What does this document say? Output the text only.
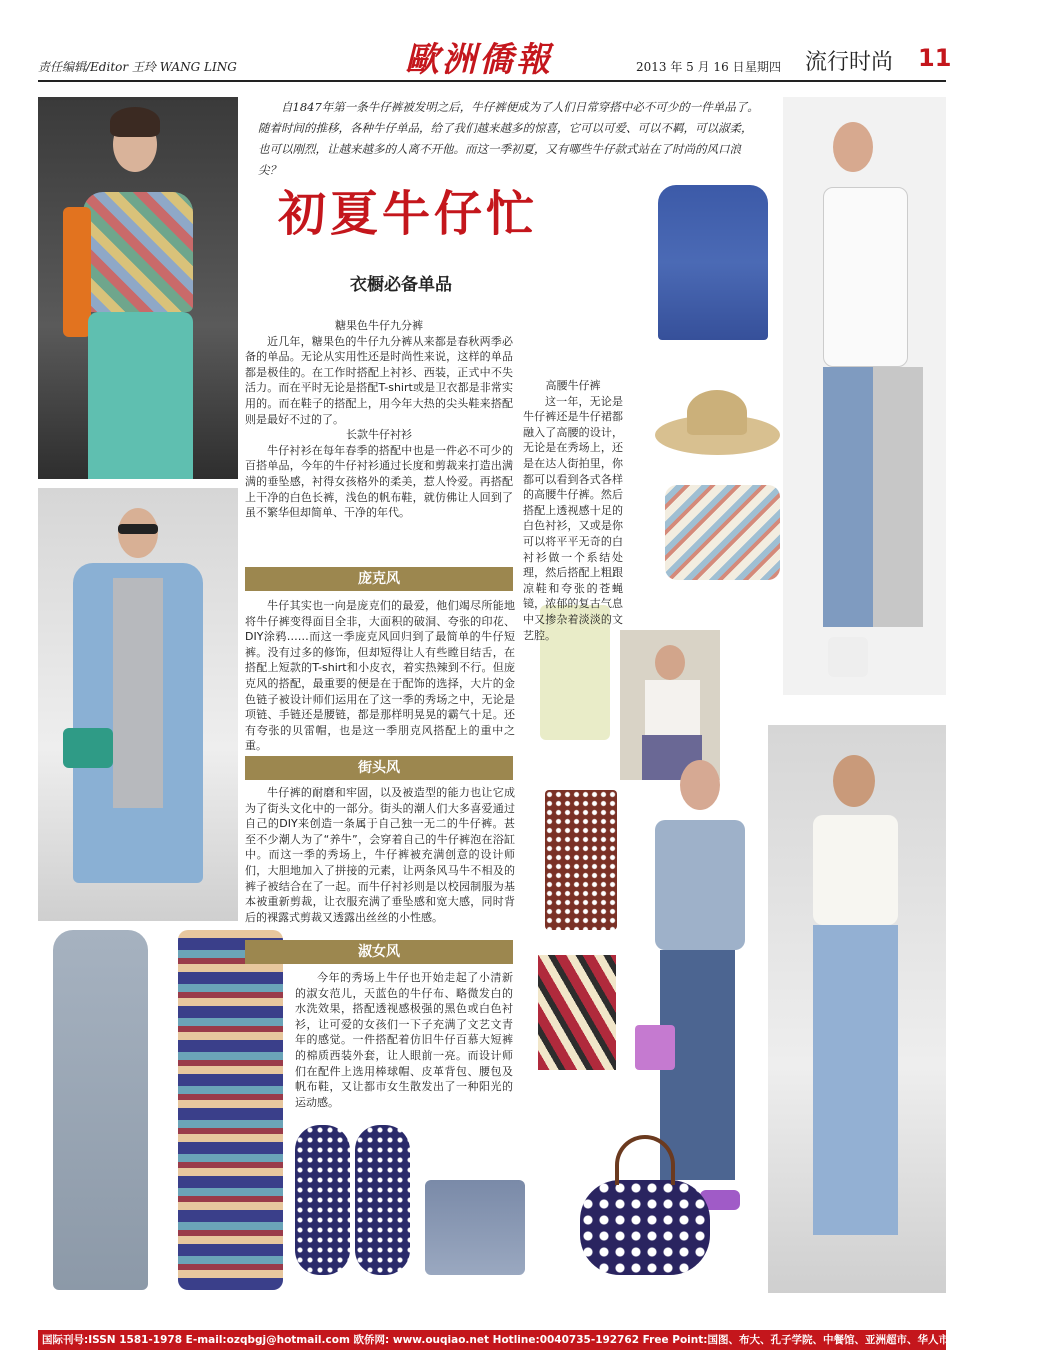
责任编辑/Editor 王玲 WANG LING	歐洲僑報	2013 年 5 月 16 日 星期四 流行时尚 11
自1847年第一条牛仔裤被发明之后，牛仔裤便成为了人们日常穿搭中必不可少的一件单品了。随着时间的推移，各种牛仔单品，给了我们越来越多的惊喜，它可以可爱、可以不羁，可以淑柔，也可以刚烈，让越来越多的人离不开他。而这一季初夏，又有哪些牛仔款式站在了时尚的风口浪尖？
初夏牛仔忙
衣橱必备单品
糖果色牛仔九分裤

近几年，糖果色的牛仔九分裤从来都是春秋两季必备的单品。无论从实用性还是时尚性来说，这样的单品都是极佳的。在工作时搭配上衬衫、西装，正式中不失活力。而在平时无论是搭配T-shirt或是卫衣都是非常实用的。而在鞋子的搭配上，用今年大热的尖头鞋来搭配则是最好不过的了。

长款牛仔衬衫

牛仔衬衫在每年春季的搭配中也是一件必不可少的百搭单品，今年的牛仔衬衫通过长度和剪裁来打造出满满的垂坠感，衬得女孩格外的柔美，惹人怜爱。再搭配上干净的白色长裤，浅色的帆布鞋，就仿佛让人回到了虽不繁华但却简单、干净的年代。

高腰牛仔裤

这一年，无论是牛仔裤还是牛仔裙都融入了高腰的设计，无论是在秀场上，还是在达人街拍里，你都可以看到各式各样的高腰牛仔裤。然后搭配上透视感十足的白色衬衫，又或是你可以将平平无奇的白衬衫做一个系结处理，然后搭配上粗跟凉鞋和夸张的苍蝇镜，浓郁的复古气息中又掺杂着淡淡的文艺腔。

庞克风

牛仔其实也一向是庞克们的最爱，他们竭尽所能地将牛仔裤变得面目全非，大面积的破洞、夸张的印花、DIY涂鸦……而这一季庞克风回归到了最简单的牛仔短裤。没有过多的修饰，但却短得让人有些瞠目结舌，在搭配上短款的T-shirt和小皮衣，着实热辣到不行。但庞克风的搭配，最重要的便是在于配饰的选择，大片的金色链子被设计师们运用在了这一季的秀场之中，无论是项链、手链还是腰链，都是那样明晃晃的霸气十足。还有夸张的贝雷帽，也是这一季朋克风搭配上的重中之重。

街头风

牛仔裤的耐磨和牢固，以及被造型的能力也让它成为了街头文化中的一部分。街头的潮人们大多喜爱通过自己的DIY来创造一条属于自己独一无二的牛仔裤。甚至不少潮人为了“养牛”，会穿着自己的牛仔裤泡在浴缸中。而这一季的秀场上，牛仔裤被充满创意的设计师们，大胆地加入了拼接的元素，让两条风马牛不相及的裤子被结合在了一起。而牛仔衬衫则是以校园制服为基本被重新剪裁，让衣服充满了垂坠感和宽大感，同时背后的裸露式剪裁又透露出丝丝的小性感。

淑女风

今年的秀场上牛仔也开始走起了小清新的淑女范儿，天蓝色的牛仔布、略微发白的水洗效果，搭配透视感极强的黑色或白色衬衫，让可爱的女孩们一下子充满了文艺文青年的感觉。一件搭配着仿旧牛仔百慕大短裤的棉质西装外套，让人眼前一亮。而设计师们在配件上选用棒球帽、皮革背包、腰包及帆布鞋，又让都市女生散发出了一种阳光的运动感。

国际刊号:ISSN 1581-1978 E-mail:ozqbgj@hotmail.com 欧侨网: www.ouqiao.net Hotline:0040735-192762 Free Point:国图、布大、孔子学院、中餐馆、亚洲超市、华人市场、各大中资机构、机场
